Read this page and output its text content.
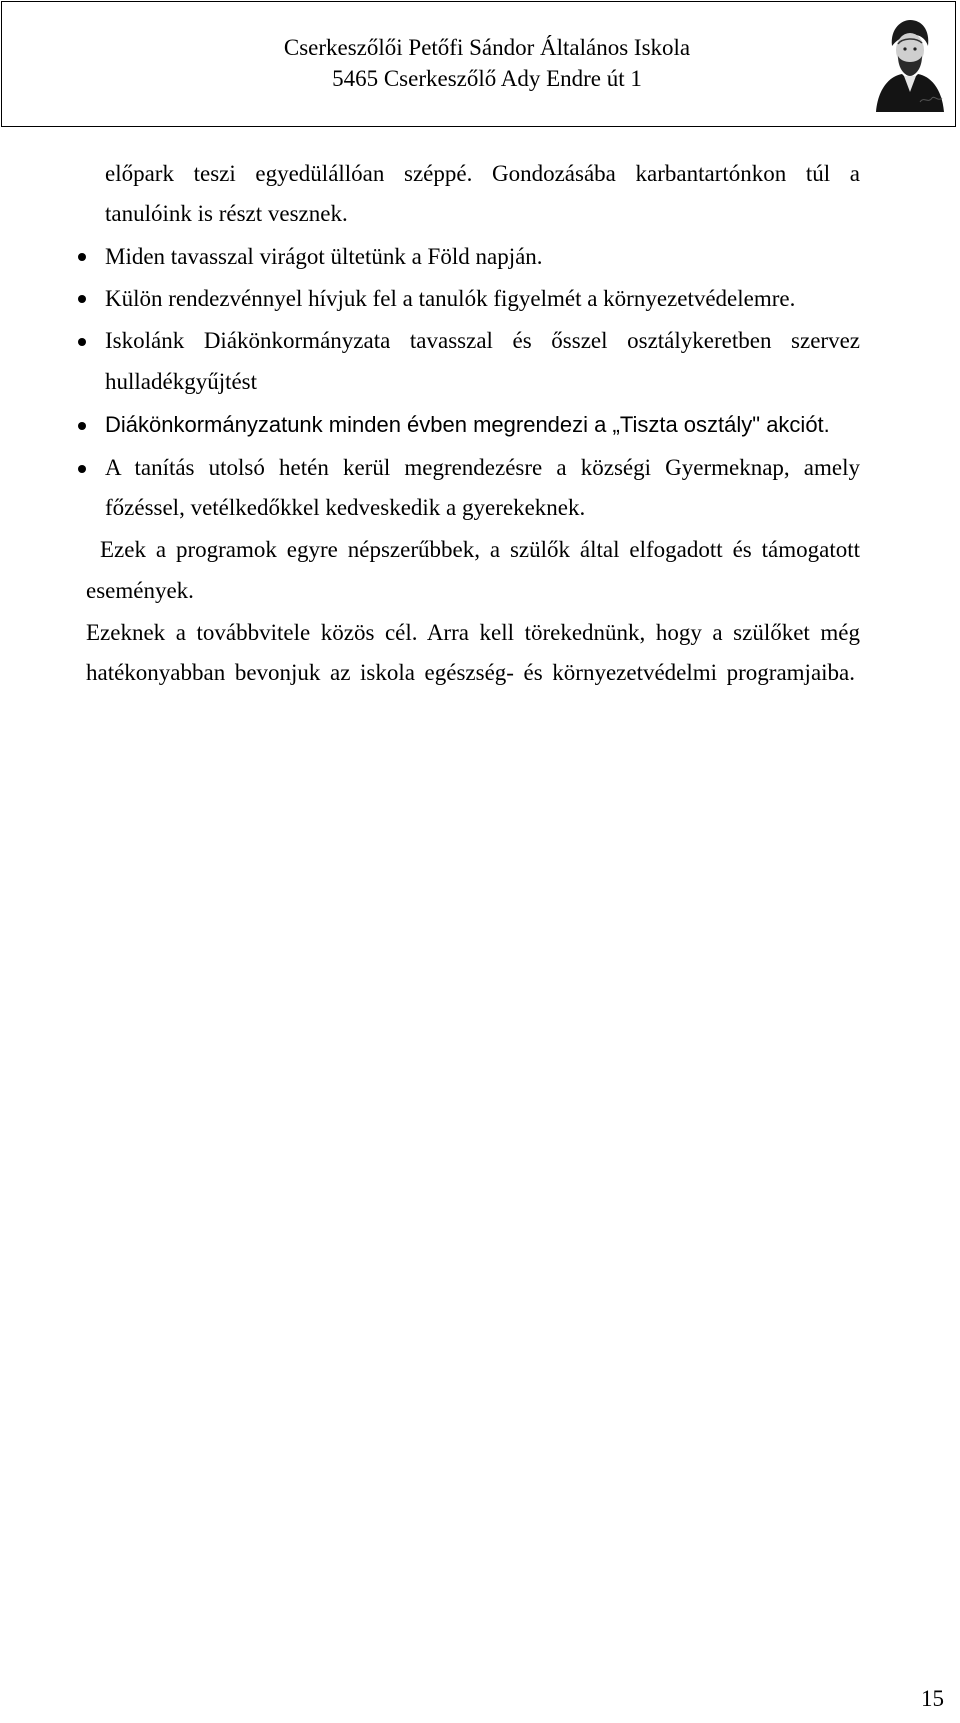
Cserkeszőlői Petőfi Sándor Általános Iskola
5465 Cserkeszőlő Ady Endre út 1
előpark teszi egyedülállóan széppé. Gondozásába karbantartónkon túl a
tanulóink is részt vesznek.
Miden tavasszal virágot ültetünk a Föld napján.
Külön rendezvénnyel hívjuk fel a tanulók figyelmét a környezetvédelemre.
Iskolánk Diákönkormányzata tavasszal és ősszel osztálykeretben szervez
hulladékgyűjtést
Diákönkormányzatunk minden évben megrendezi a „Tiszta osztály" akciót.
A tanítás utolsó hetén kerül megrendezésre a községi Gyermeknap, amely
főzéssel, vetélkedőkkel kedveskedik a gyerekeknek.
Ezek a programok egyre népszerűbbek, a szülők által elfogadott és támogatott
események.
Ezeknek a továbbvitele közös cél. Arra kell törekednünk, hogy a szülőket még
hatékonyabban bevonjuk az iskola egészség- és környezetvédelmi programjaiba.
15
